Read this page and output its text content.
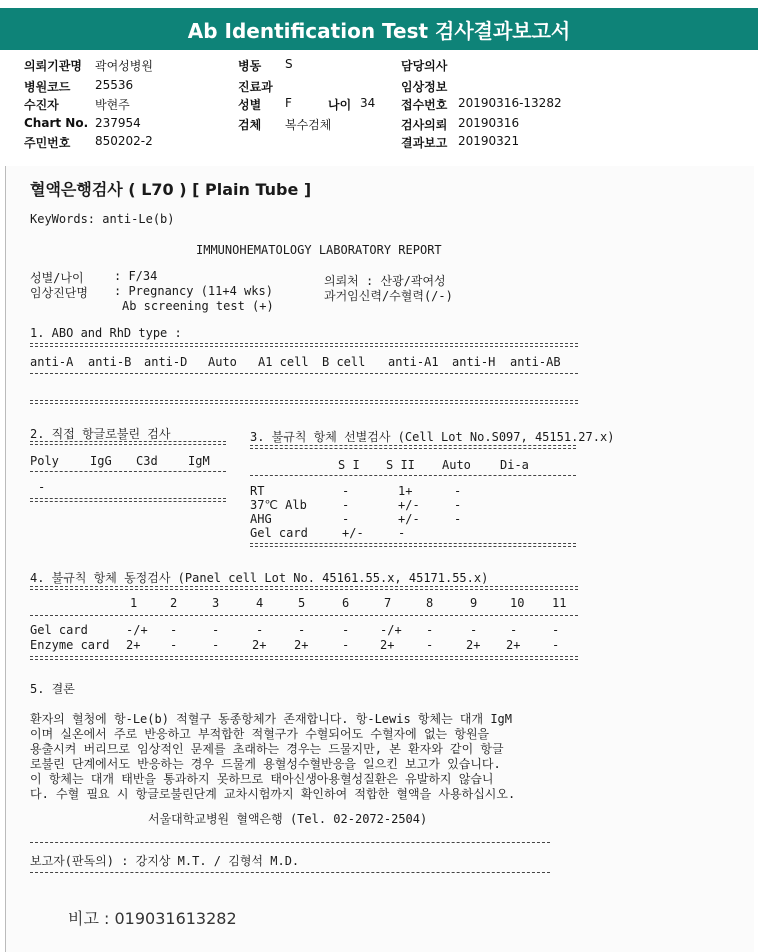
Ab Identification Test 검사결과보고서
의뢰기관명 곽여성병원
병원코드 25536
수진자	박현주
Chart No. 237954
주민번호 850202-2
병동 S
진료과
성별 F	나이 34
검체 복수검체
담당의사
임상정보
접수번호 20190316-13282
검사의뢰 20190316
결과보고 20190321
혈액은행검사 ( L70 ) [ Plain Tube ]
KeyWords: anti-Le(b)
IMMUNOHEMATOLOGY LABORATORY REPORT
성별/나이	: F/34
임상진단명 : Pregnancy (11+4 wks)
Ab screening test (+)
의뢰처 : 산광/곽여성
과거임신력/수혈력(/-)
1. ABO and RhD type :
anti-A anti-B anti-D Auto A1 cell B cell anti-A1 anti-H anti-AB
2. 직접 항글로불린 검사
Poly	IgG C3d	IgM
-
3. 불규칙 항체 선별검사 (Cell Lot No.S097, 45151.27.x)
S I S II Auto Di-a
RT	-	1+	-
37℃ Alb	-	+/-	-
AHG	-	+/-	-
Gel card	+/-	-
4. 불규칙 항체 동정검사 (Panel cell Lot No. 45161.55.x, 45171.55.x)
1	2	3	4	5	6	7	8	9	10 11
Gel card	-/+ -	-	-	-	-	-/+ -	-	-	-
Enzyme card 2+ -	-	2+ 2+	-	2+	-	2+ 2+	-
5. 결론
환자의 혈청에 항-Le(b) 적혈구 동종항체가 존재합니다. 항-Lewis 항체는 대개 IgM
이며 실온에서 주로 반응하고 부적합한 적혈구가 수혈되어도 수혈자에 없는 항원을
용출시켜 버리므로 임상적인 문제를 초래하는 경우는 드물지만, 본 환자와 같이 항글
로불린 단계에서도 반응하는 경우 드물게 용혈성수혈반응을 일으킨 보고가 있습니다.
이 항체는 대개 태반을 통과하지 못하므로 태아신생아용혈성질환은 유발하지 않습니
다. 수혈 필요 시 항글로불린단계 교차시험까지 확인하여 적합한 혈액을 사용하십시오.
서울대학교병원 혈액은행 (Tel. 02-2072-2504)
보고자(판독의) : 강지상 M.T. / 김형석 M.D.
비고 : 019031613282
